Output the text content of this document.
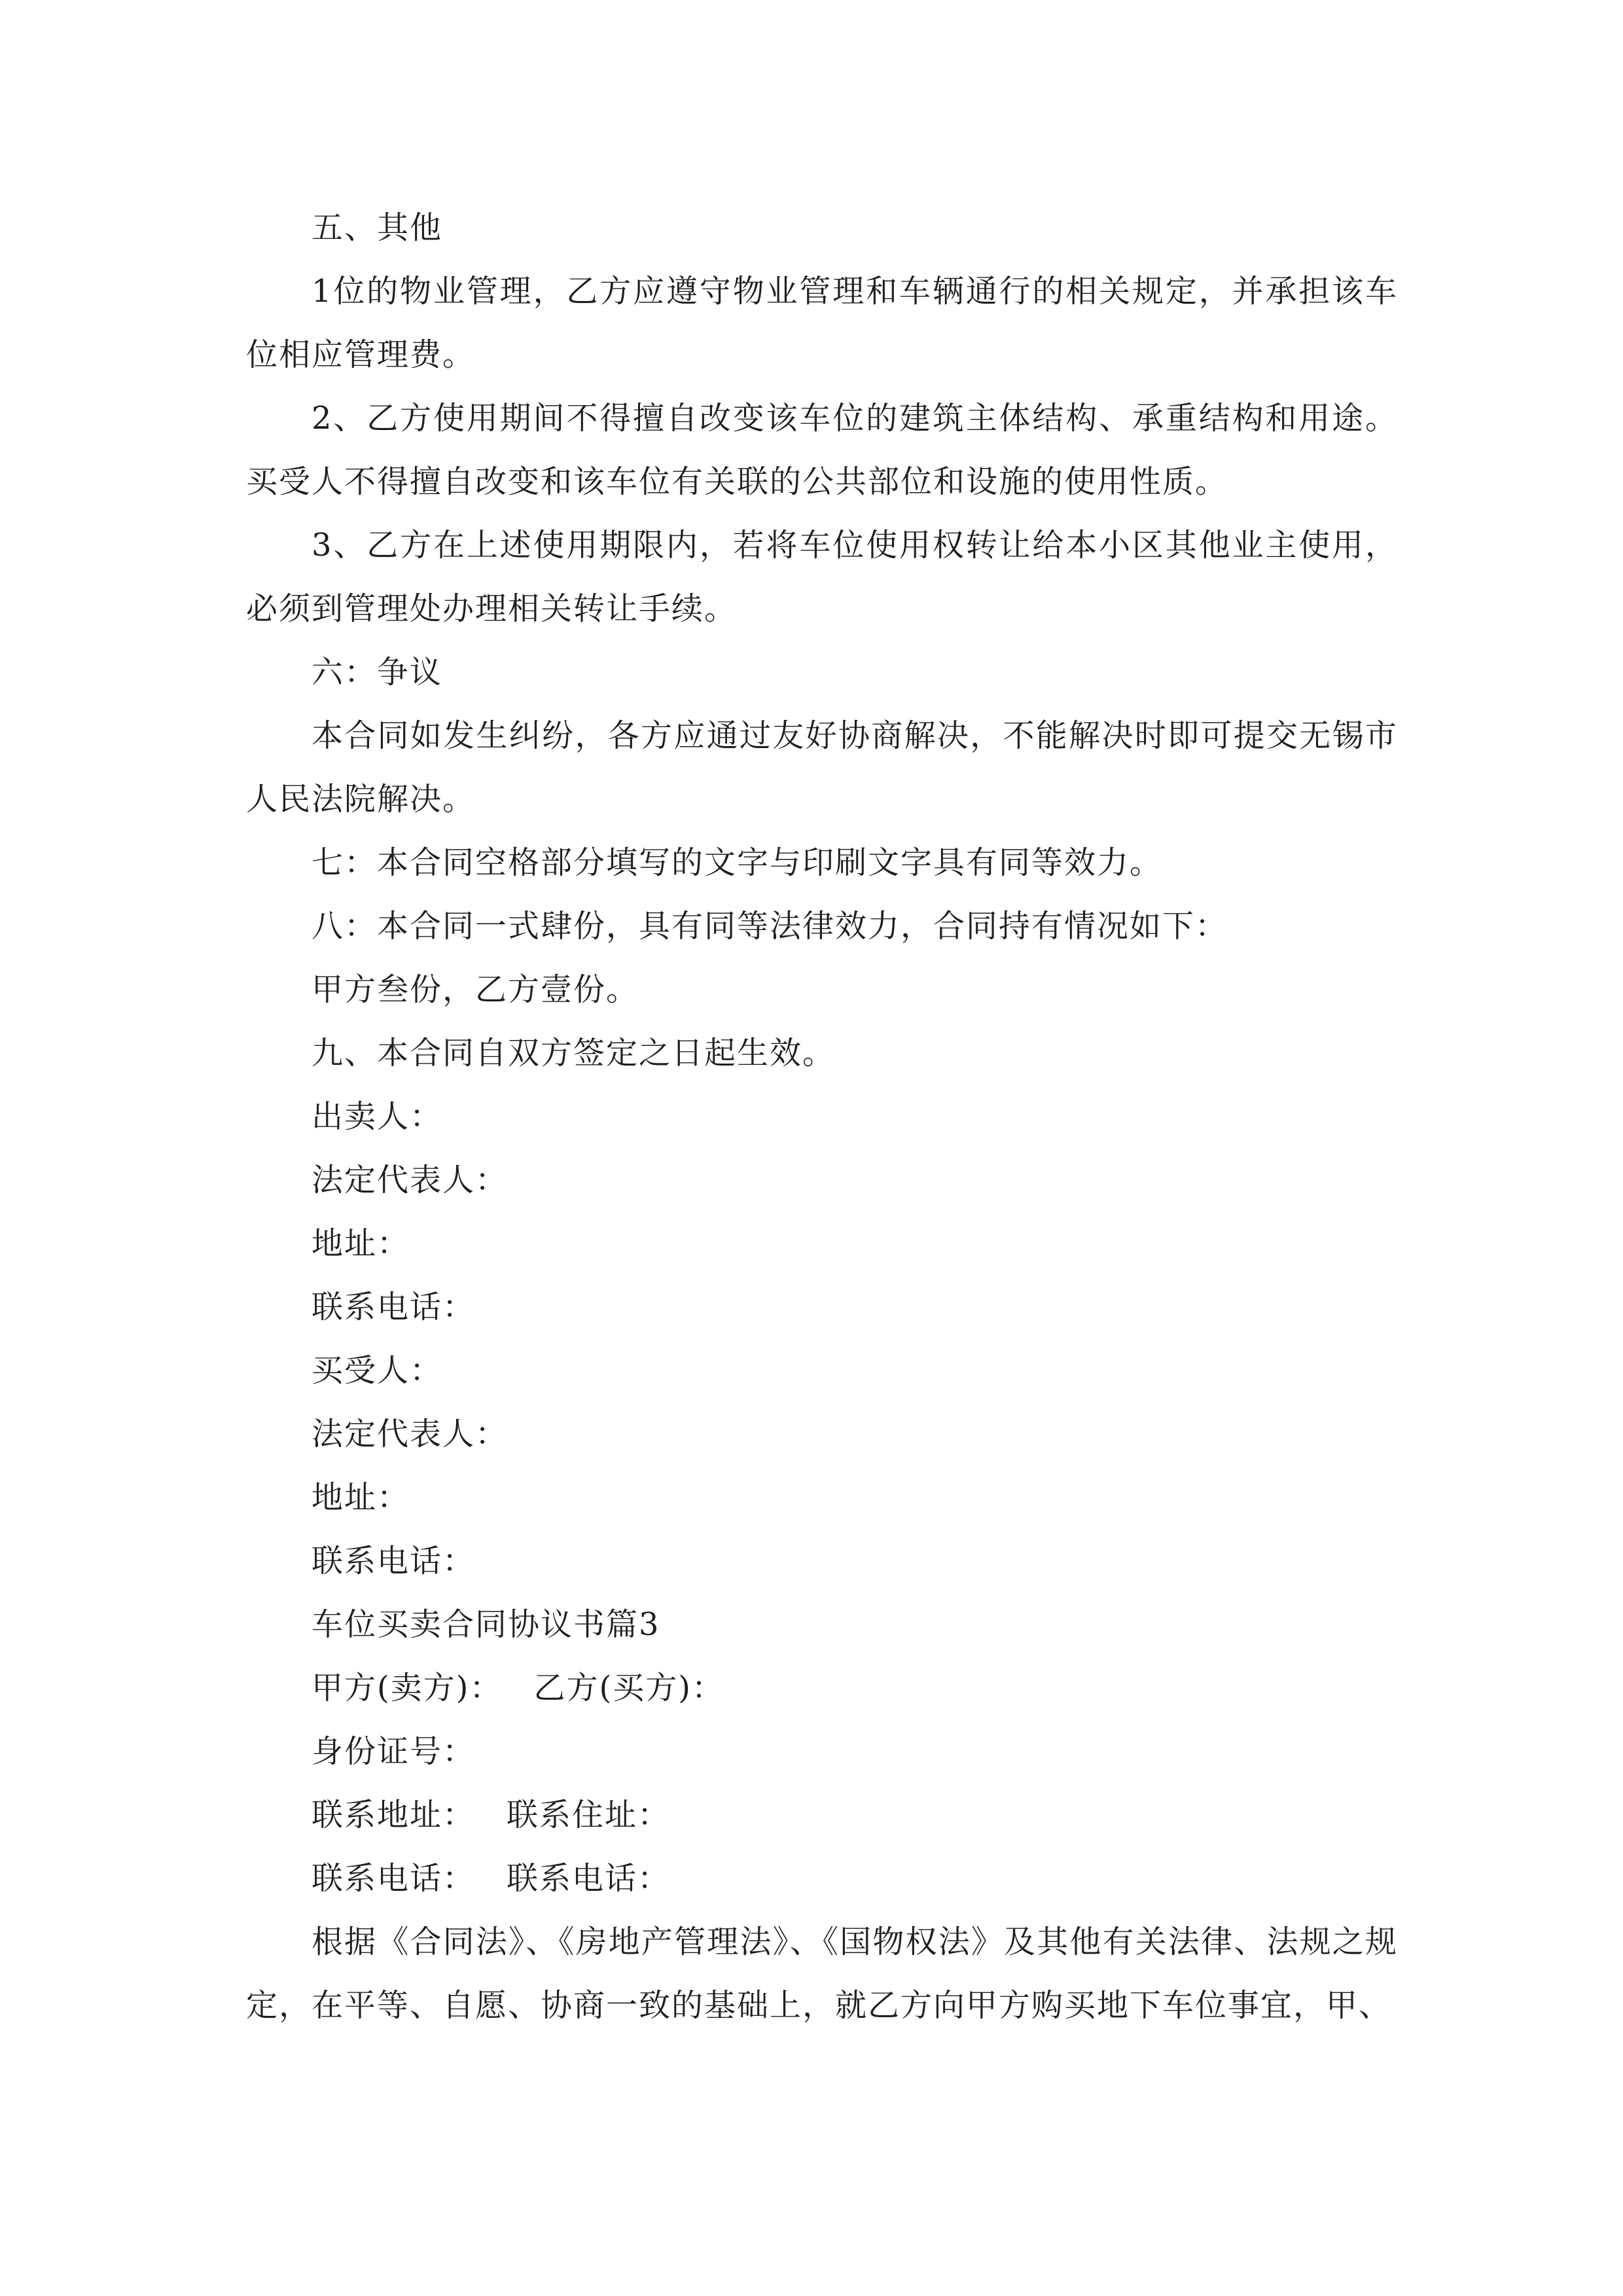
五、其他

1位的物业管理，乙方应遵守物业管理和车辆通行的相关规定，并承担该车位相应管理费。

2、乙方使用期间不得擅自改变该车位的建筑主体结构、承重结构和用途。买受人不得擅自改变和该车位有关联的公共部位和设施的使用性质。

3、乙方在上述使用期限内，若将车位使用权转让给本小区其他业主使用，必须到管理处办理相关转让手续。

六：争议

本合同如发生纠纷，各方应通过友好协商解决，不能解决时即可提交无锡市人民法院解决。

七：本合同空格部分填写的文字与印刷文字具有同等效力。

八：本合同一式肆份，具有同等法律效力，合同持有情况如下：

甲方叁份，乙方壹份。

九、本合同自双方签定之日起生效。

出卖人：

法定代表人：

地址：

联系电话：

买受人：

法定代表人：

地址：

联系电话：

车位买卖合同协议书篇3

甲方(卖方)： 乙方(买方)：

身份证号：

联系地址： 联系住址：

联系电话： 联系电话：

根据《合同法》、《房地产管理法》、《国物权法》及其他有关法律、法规之规定，在平等、自愿、协商一致的基础上，就乙方向甲方购买地下车位事宜，甲、
